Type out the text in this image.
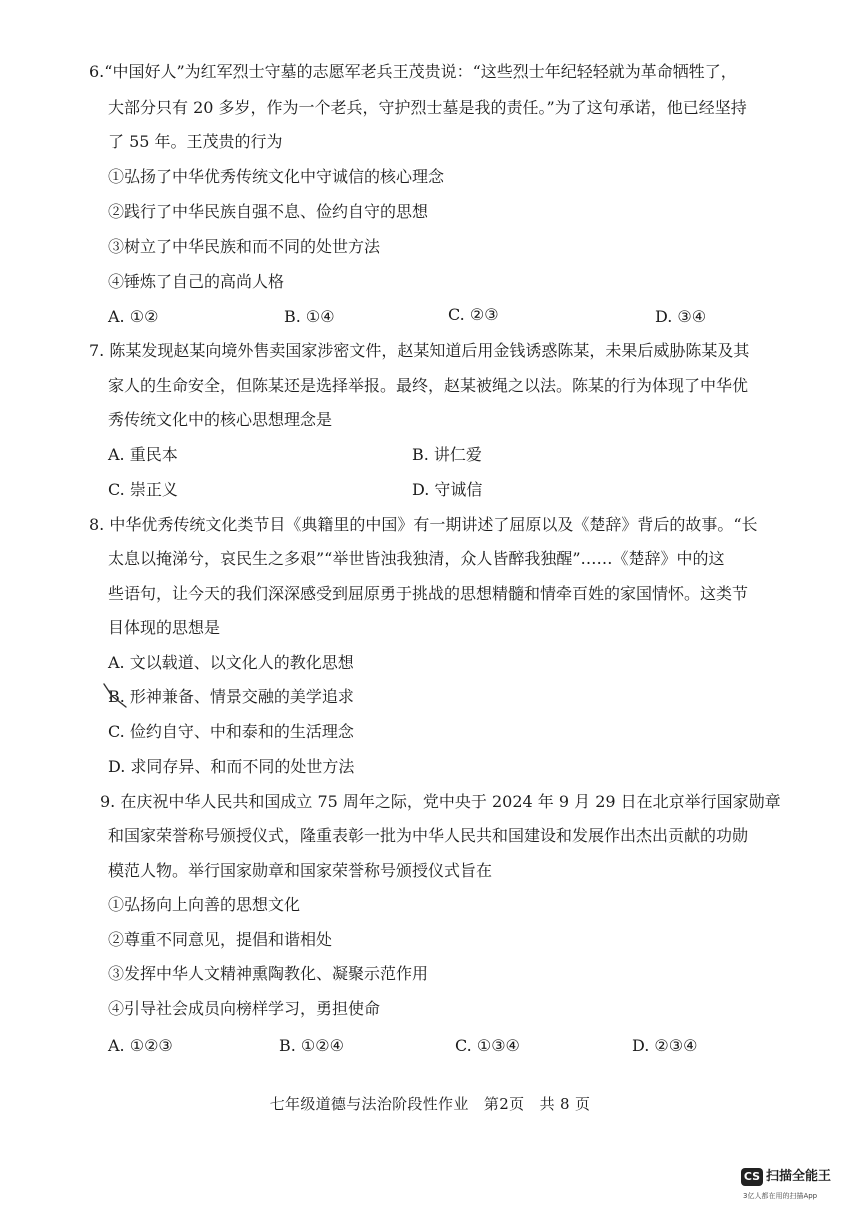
6.“中国好人”为红军烈士守墓的志愿军老兵王茂贵说：“这些烈士年纪轻轻就为革命牺牲了，
大部分只有 20 多岁，作为一个老兵，守护烈士墓是我的责任。”为了这句承诺，他已经坚持
了 55 年。王茂贵的行为
①弘扬了中华优秀传统文化中守诚信的核心理念
②践行了中华民族自强不息、俭约自守的思想
③树立了中华民族和而不同的处世方法
④锤炼了自己的高尚人格
A. ①②	B. ①④	C. ②③	D. ③④
7. 陈某发现赵某向境外售卖国家涉密文件，赵某知道后用金钱诱惑陈某，未果后威胁陈某及其
家人的生命安全，但陈某还是选择举报。最终，赵某被绳之以法。陈某的行为体现了中华优
秀传统文化中的核心思想理念是
A. 重民本	B. 讲仁爱
C. 崇正义	D. 守诚信
8. 中华优秀传统文化类节目《典籍里的中国》有一期讲述了屈原以及《楚辞》背后的故事。“长
太息以掩涕兮，哀民生之多艰”“举世皆浊我独清，众人皆醉我独醒”……《楚辞》中的这
些语句，让今天的我们深深感受到屈原勇于挑战的思想精髓和情牵百姓的家国情怀。这类节
目体现的思想是
A. 文以载道、以文化人的教化思想
B. 形神兼备、情景交融的美学追求
C. 俭约自守、中和泰和的生活理念
D. 求同存异、和而不同的处世方法
9. 在庆祝中华人民共和国成立 75 周年之际，党中央于 2024 年 9 月 29 日在北京举行国家勋章
和国家荣誉称号颁授仪式，隆重表彰一批为中华人民共和国建设和发展作出杰出贡献的功勋
模范人物。举行国家勋章和国家荣誉称号颁授仪式旨在
①弘扬向上向善的思想文化
②尊重不同意见，提倡和谐相处
③发挥中华人文精神熏陶教化、凝聚示范作用
④引导社会成员向榜样学习，勇担使命
A. ①②③	B. ①②④	C. ①③④	D. ②③④
七年级道德与法治阶段性作业　第2页　共 8 页
CS 扫描全能王
3亿人都在用的扫描App
